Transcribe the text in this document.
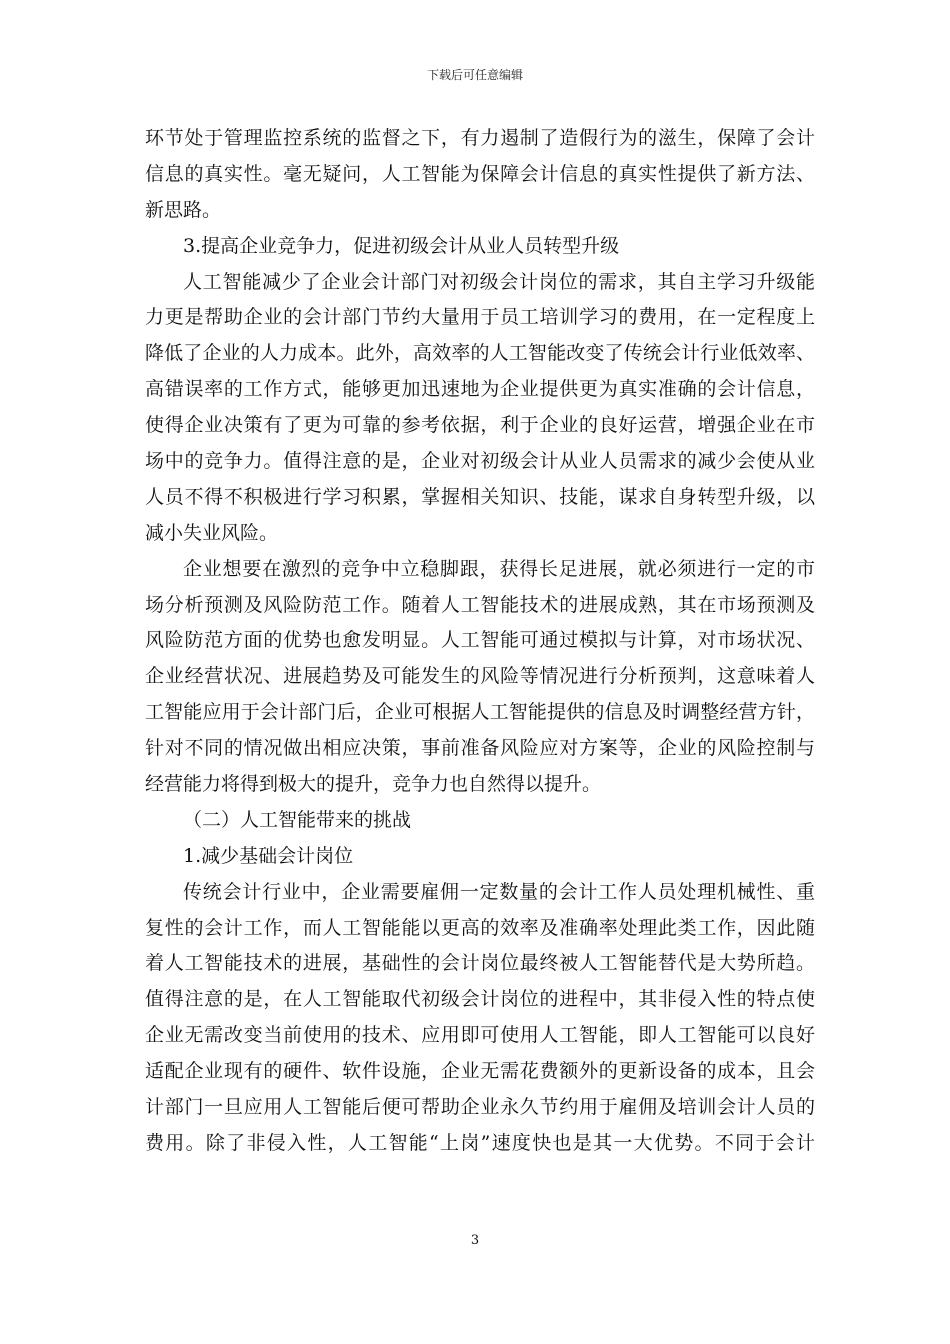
下载后可任意编辑
环节处于管理监控系统的监督之下，有力遏制了造假行为的滋生，保障了会计
信息的真实性。毫无疑问，人工智能为保障会计信息的真实性提供了新方法、
新思路。
3.提高企业竞争力，促进初级会计从业人员转型升级
人工智能减少了企业会计部门对初级会计岗位的需求，其自主学习升级能
力更是帮助企业的会计部门节约大量用于员工培训学习的费用，在一定程度上
降低了企业的人力成本。此外，高效率的人工智能改变了传统会计行业低效率、
高错误率的工作方式，能够更加迅速地为企业提供更为真实准确的会计信息，
使得企业决策有了更为可靠的参考依据，利于企业的良好运营，增强企业在市
场中的竞争力。值得注意的是，企业对初级会计从业人员需求的减少会使从业
人员不得不积极进行学习积累，掌握相关知识、技能，谋求自身转型升级，以
减小失业风险。
企业想要在激烈的竞争中立稳脚跟，获得长足进展，就必须进行一定的市
场分析预测及风险防范工作。随着人工智能技术的进展成熟，其在市场预测及
风险防范方面的优势也愈发明显。人工智能可通过模拟与计算，对市场状况、
企业经营状况、进展趋势及可能发生的风险等情况进行分析预判，这意味着人
工智能应用于会计部门后，企业可根据人工智能提供的信息及时调整经营方针，
针对不同的情况做出相应决策，事前准备风险应对方案等，企业的风险控制与
经营能力将得到极大的提升，竞争力也自然得以提升。
（二）人工智能带来的挑战
1.减少基础会计岗位
传统会计行业中，企业需要雇佣一定数量的会计工作人员处理机械性、重
复性的会计工作，而人工智能能以更高的效率及准确率处理此类工作，因此随
着人工智能技术的进展，基础性的会计岗位最终被人工智能替代是大势所趋。
值得注意的是，在人工智能取代初级会计岗位的进程中，其非侵入性的特点使
企业无需改变当前使用的技术、应用即可使用人工智能，即人工智能可以良好
适配企业现有的硬件、软件设施，企业无需花费额外的更新设备的成本，且会
计部门一旦应用人工智能后便可帮助企业永久节约用于雇佣及培训会计人员的
费用。除了非侵入性，人工智能“上岗”速度快也是其一大优势。不同于会计
3
